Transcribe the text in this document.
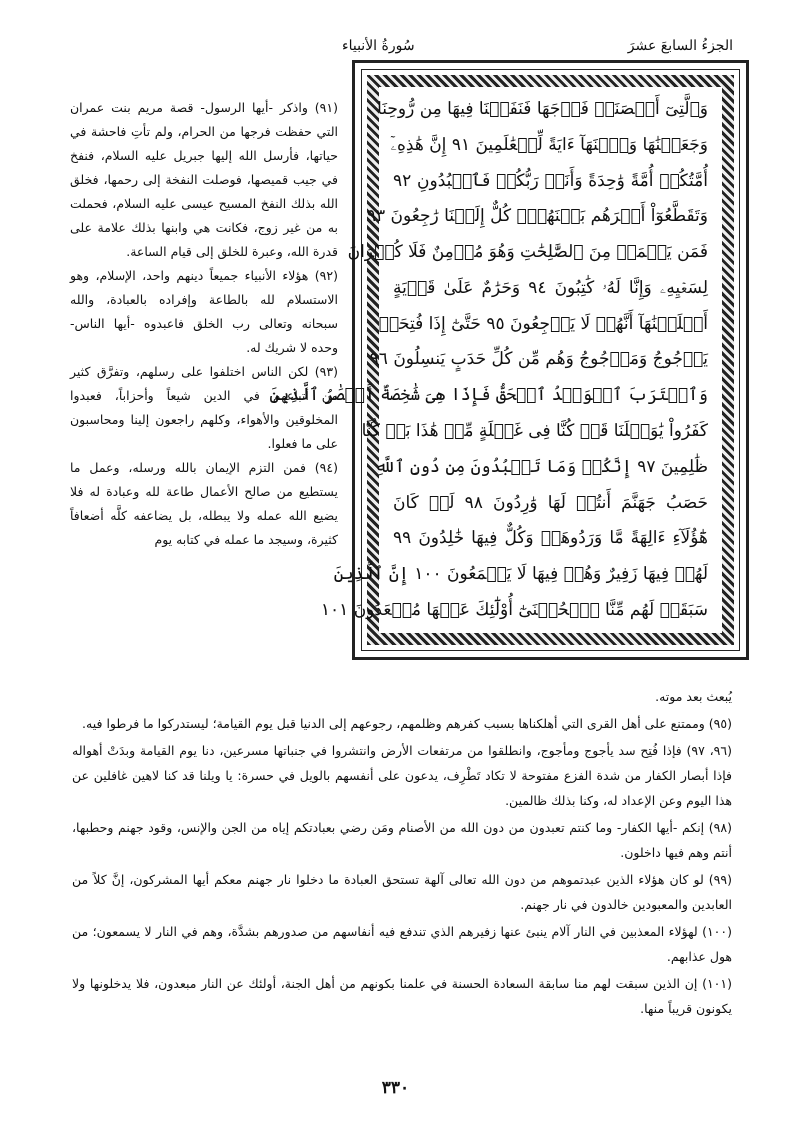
الجزءُ السابعَ عشرَ
سُورةُ الأنبياء
وَٱلَّتِىٓ أَحۡصَنَتۡ فَرۡجَهَا فَنَفَخۡنَا فِيهَا مِن رُّوحِنَا
وَجَعَلۡنَٰهَا وَٱبۡنَهَآ ءَايَةً لِّلۡعَٰلَمِينَ ٩١ إِنَّ هَٰذِهِۦٓ
أُمَّتُكُمۡ أُمَّةً وَٰحِدَةً وَأَنَا۠ رَبُّكُمۡ فَٱعۡبُدُونِ ٩٢
وَتَقَطَّعُوٓاْ أَمۡرَهُم بَيۡنَهُمۡۖ كُلٌّ إِلَيۡنَا رَٰجِعُونَ ٩٣
فَمَن يَعۡمَلۡ مِنَ ٱلصَّٰلِحَٰتِ وَهُوَ مُؤۡمِنٌ فَلَا كُفۡرَانَ
لِسَعۡيِهِۦ وَإِنَّا لَهُۥ كَٰتِبُونَ ٩٤ وَحَرَٰمٌ عَلَىٰ قَرۡيَةٍ
أَهۡلَكۡنَٰهَآ أَنَّهُمۡ لَا يَرۡجِعُونَ ٩٥ حَتَّىٰٓ إِذَا فُتِحَتۡ
يَأۡجُوجُ وَمَأۡجُوجُ وَهُم مِّن كُلِّ حَدَبٍ يَنسِلُونَ ٩٦
وَٱقۡتَرَبَ ٱلۡوَعۡدُ ٱلۡحَقُّ فَإِذَا هِىَ شَٰخِصَةٌ أَبۡصَٰرُ ٱلَّذِينَ
كَفَرُواْ يَٰوَيۡلَنَا قَدۡ كُنَّا فِى غَفۡلَةٍ مِّنۡ هَٰذَا بَلۡ كُنَّا
ظَٰلِمِينَ ٩٧ إِنَّكُمۡ وَمَا تَعۡبُدُونَ مِن دُونِ ٱللَّهِ
حَصَبُ جَهَنَّمَ أَنتُمۡ لَهَا وَٰرِدُونَ ٩٨ لَوۡ كَانَ
هَٰٓؤُلَآءِ ءَالِهَةً مَّا وَرَدُوهَاۖ وَكُلٌّ فِيهَا خَٰلِدُونَ ٩٩
لَهُمۡ فِيهَا زَفِيرٌ وَهُمۡ فِيهَا لَا يَسۡمَعُونَ ١٠٠ إِنَّ ٱلَّذِينَ
سَبَقَتۡ لَهُم مِّنَّا ٱلۡحُسۡنَىٰٓ أُوْلَٰٓئِكَ عَنۡهَا مُبۡعَدُونَ ١٠١

(٩١) واذكر -أيها الرسول- قصة مريم بنت عمران التي حفظت فرجها من الحرام، ولم تأتِ فاحشة في حياتها، فأرسل الله إليها جبريل عليه السلام، فنفخ في جيب قميصها، فوصلت النفخة إلى رحمها، فخلق الله بذلك النفخ المسيح عيسى عليه السلام، فحملت به من غير زوج، فكانت هي وابنها بذلك علامة على قدرة الله، وعبرة للخلق إلى قيام الساعة.

(٩٢) هؤلاء الأنبياء جميعاً دينهم واحد، الإسلام، وهو الاستسلام لله بالطاعة وإفراده بالعبادة، والله سبحانه وتعالى رب الخلق فاعبدوه -أيها الناس- وحده لا شريك له.

(٩٣) لكن الناس اختلفوا على رسلهم، وتفرَّق كثير من أتباعهم في الدين شيعاً وأحزاباً، فعبدوا المخلوقين والأهواء، وكلهم راجعون إلينا ومحاسبون على ما فعلوا.

(٩٤) فمن التزم الإيمان بالله ورسله، وعمل ما يستطيع من صالح الأعمال طاعة لله وعبادة له فلا يضيع الله عمله ولا يبطله، بل يضاعفه كلَّه أضعافاً كثيرة، وسيجد ما عمله في كتابه يوم

يُبعث بعد موته.

(٩٥) وممتنع على أهل القرى التي أهلكناها بسبب كفرهم وظلمهم، رجوعهم إلى الدنيا قبل يوم القيامة؛ ليستدركوا ما فرطوا فيه.

(٩٦، ٩٧) فإذا فُتِح سد يأجوج ومأجوج، وانطلقوا من مرتفعات الأرض وانتشروا في جنباتها مسرعين، دنا يوم القيامة وبدَتْ أهواله فإذا أبصار الكفار من شدة الفزع مفتوحة لا تكاد تَطْرِف، يدعون على أنفسهم بالويل في حسرة: يا ويلنا قد كنا لاهين غافلين عن هذا اليوم وعن الإعداد له، وكنا بذلك ظالمين.

(٩٨) إنكم -أيها الكفار- وما كنتم تعبدون من دون الله من الأصنام ومَن رضي بعبادتكم إياه من الجن والإنس، وقود جهنم وحطبها، أنتم وهم فيها داخلون.

(٩٩) لو كان هؤلاء الذين عبدتموهم من دون الله تعالى آلهة تستحق العبادة ما دخلوا نار جهنم معكم أيها المشركون، إنَّ كلاً من العابدين والمعبودين خالدون في نار جهنم.

(١٠٠) لهؤلاء المعذبين في النار آلام ينبئ عنها زفيرهم الذي تندفع فيه أنفاسهم من صدورهم بشدَّة، وهم في النار لا يسمعون؛ من هول عذابهم.

(١٠١) إن الذين سبقت لهم منا سابقة السعادة الحسنة في علمنا بكونهم من أهل الجنة، أولئك عن النار مبعدون، فلا يدخلونها ولا يكونون قريباً منها.

٣٣٠
